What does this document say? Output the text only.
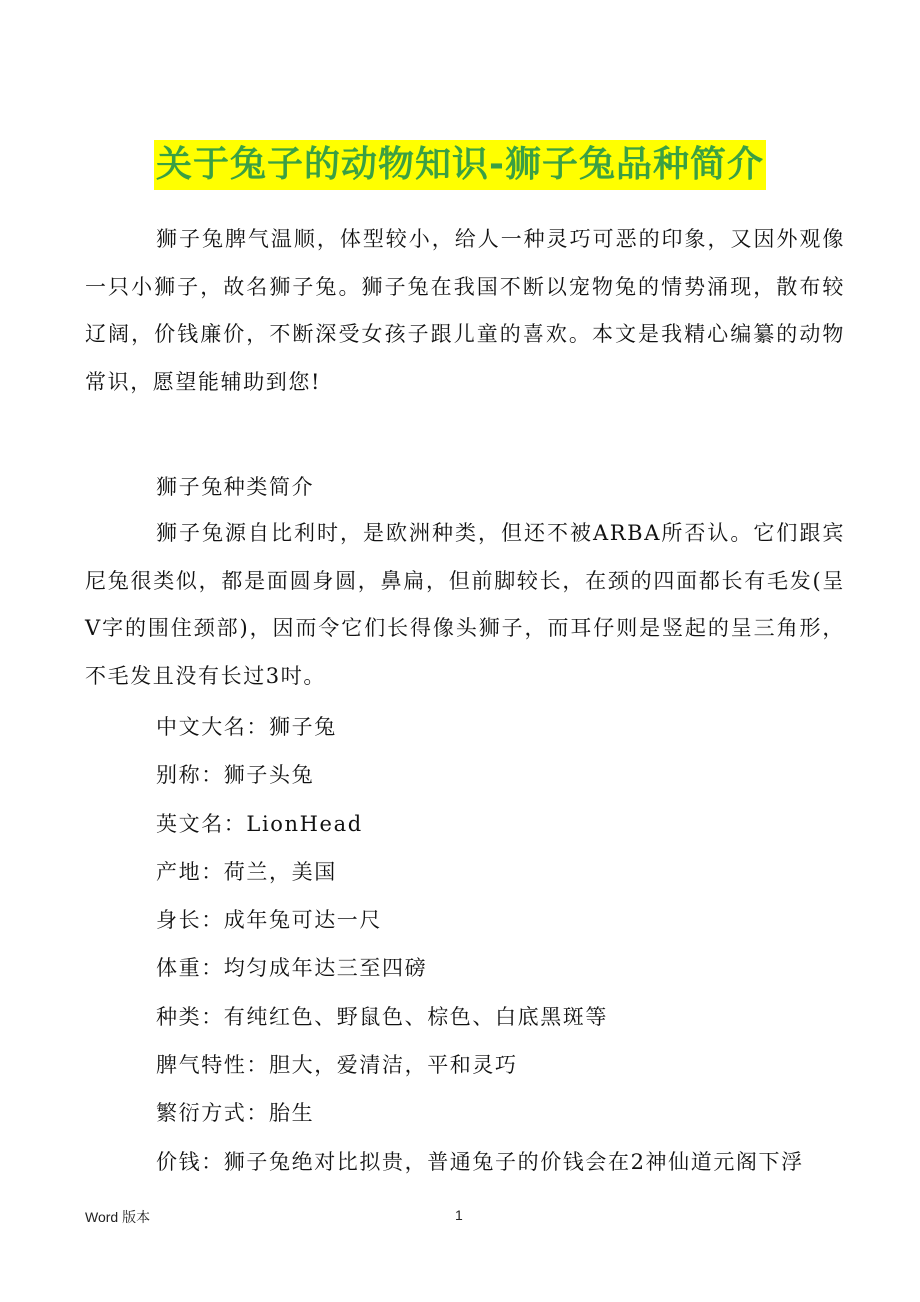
关于兔子的动物知识-狮子兔品种简介

狮子兔脾气温顺，体型较小，给人一种灵巧可恶的印象，又因外观像一只小狮子，故名狮子兔。狮子兔在我国不断以宠物兔的情势涌现，散布较辽阔，价钱廉价，不断深受女孩子跟儿童的喜欢。本文是我精心编纂的动物常识，愿望能辅助到您!

狮子兔种类简介

狮子兔源自比利时，是欧洲种类，但还不被ARBA所否认。它们跟宾尼兔很类似，都是面圆身圆，鼻扁，但前脚较长，在颈的四面都长有毛发(呈V字的围住颈部)，因而令它们长得像头狮子，而耳仔则是竖起的呈三角形，不毛发且没有长过3吋。

中文大名：狮子兔
别称：狮子头兔
英文名：LionHead
产地：荷兰，美国
身长：成年兔可达一尺
体重：均匀成年达三至四磅
种类：有纯红色、野鼠色、棕色、白底黑斑等
脾气特性：胆大，爱清洁，平和灵巧
繁衍方式：胎生
价钱：狮子兔绝对比拟贵，普通兔子的价钱会在2神仙道元阁下浮
Word 版本	1
